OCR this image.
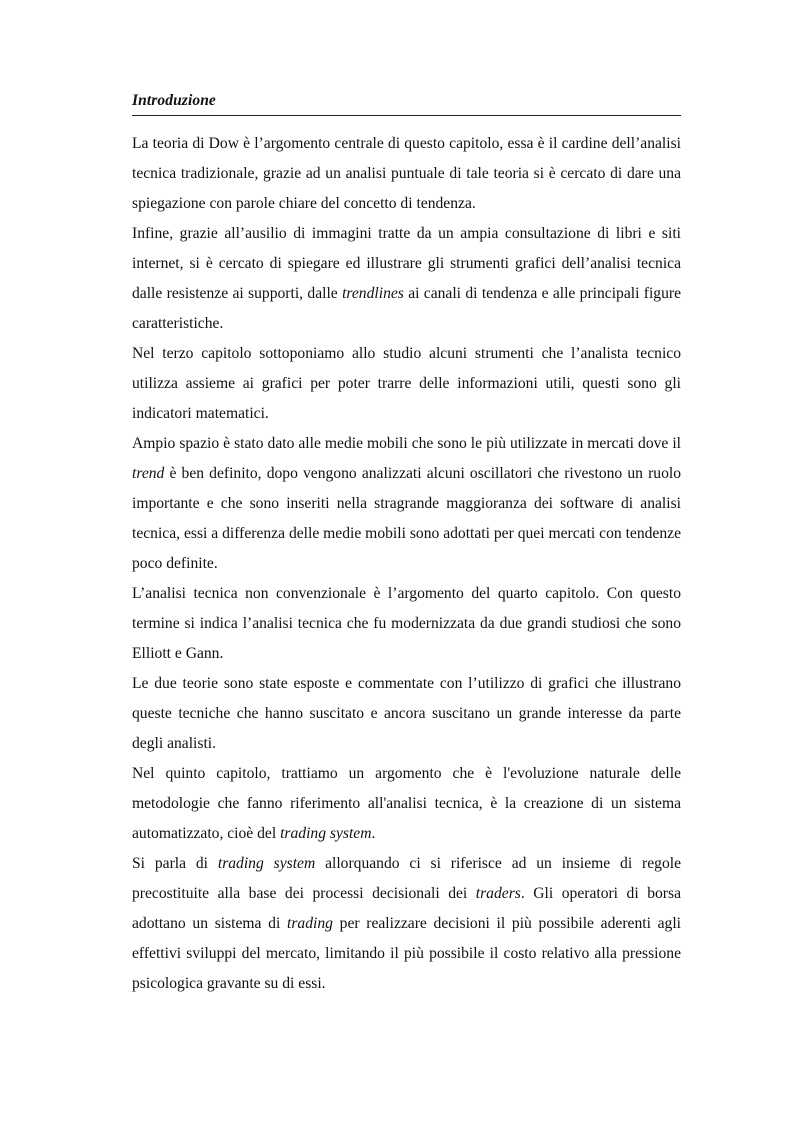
Introduzione

La teoria di Dow è l’argomento centrale di questo capitolo, essa è il cardine dell’analisi tecnica tradizionale, grazie ad un analisi puntuale di tale teoria si è cercato di dare una spiegazione con parole chiare del concetto di tendenza.

Infine, grazie all’ausilio di immagini tratte da un ampia consultazione di libri e siti internet, si è cercato di spiegare ed illustrare gli strumenti grafici dell’analisi tecnica dalle resistenze ai supporti, dalle trendlines ai canali di tendenza e alle principali figure caratteristiche.

Nel terzo capitolo sottoponiamo allo studio alcuni strumenti che l’analista tecnico utilizza assieme ai grafici per poter trarre delle informazioni utili, questi sono gli indicatori matematici.

Ampio spazio è stato dato alle medie mobili che sono le più utilizzate in mercati dove il trend è ben definito, dopo vengono analizzati alcuni oscillatori che rivestono un ruolo importante e che sono inseriti nella stragrande maggioranza dei software di analisi tecnica, essi a differenza delle medie mobili sono adottati per quei mercati con tendenze poco definite.

L’analisi tecnica non convenzionale è l’argomento del quarto capitolo. Con questo termine si indica l’analisi tecnica che fu modernizzata da due grandi studiosi che sono Elliott e Gann.

Le due teorie sono state esposte e commentate con l’utilizzo di grafici che illustrano queste tecniche che hanno suscitato e ancora suscitano un grande interesse da parte degli analisti.

Nel quinto capitolo, trattiamo un argomento che è l'evoluzione naturale delle metodologie che fanno riferimento all'analisi tecnica, è la creazione di un sistema automatizzato, cioè del trading system.

Si parla di trading system allorquando ci si riferisce ad un insieme di regole precostituite alla base dei processi decisionali dei traders. Gli operatori di borsa adottano un sistema di trading per realizzare decisioni il più possibile aderenti agli effettivi sviluppi del mercato, limitando il più possibile il costo relativo alla pressione psicologica gravante su di essi.
